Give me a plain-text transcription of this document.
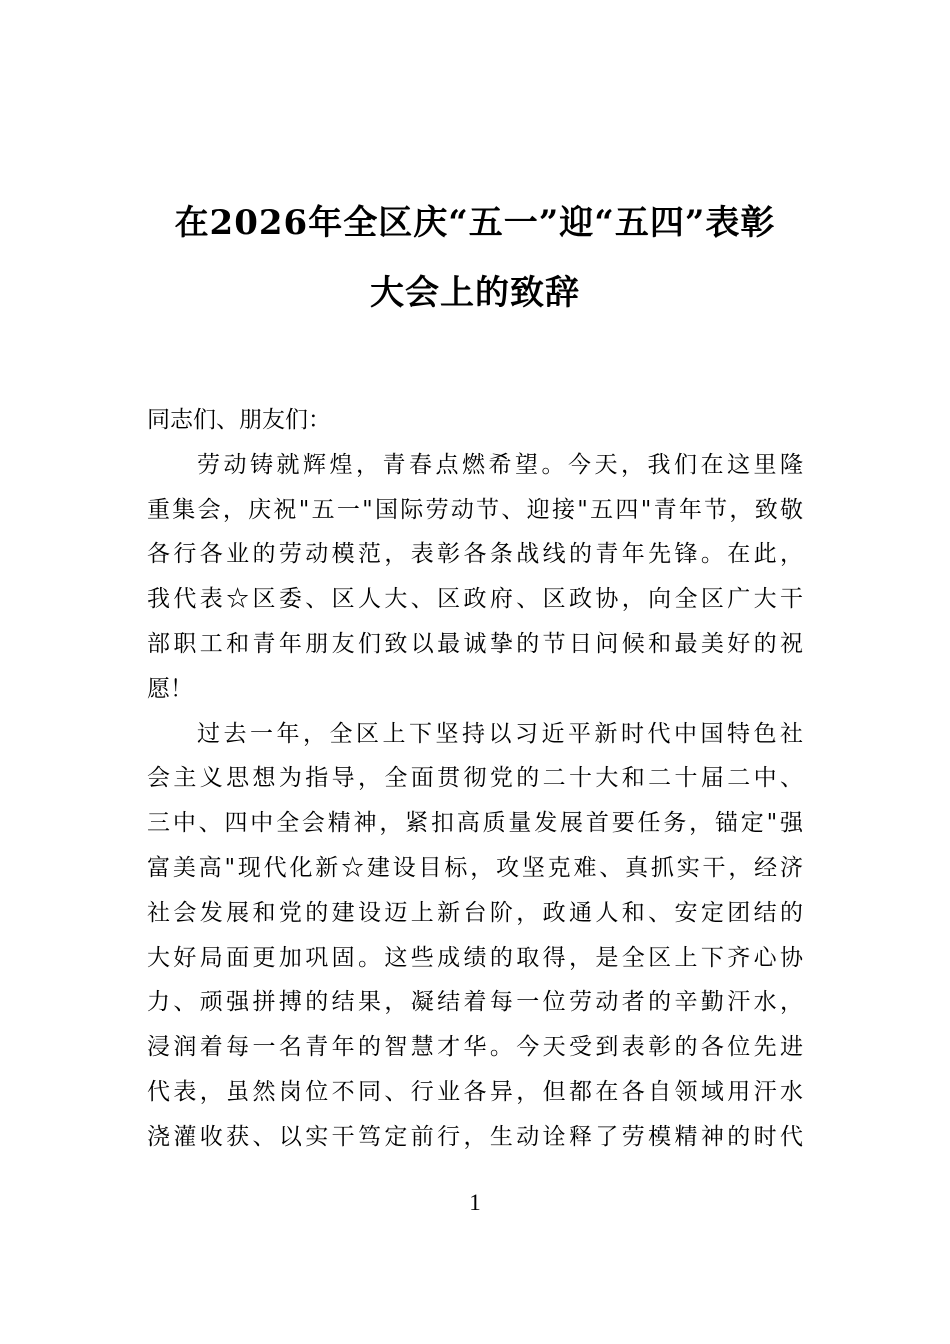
在2026年全区庆“五一”迎“五四”表彰
大会上的致辞
同志们、朋友们：
劳动铸就辉煌，青春点燃希望。今天，我们在这里隆
重集会，庆祝"五一"国际劳动节、迎接"五四"青年节，致敬
各行各业的劳动模范，表彰各条战线的青年先锋。在此，
我代表☆区委、区人大、区政府、区政协，向全区广大干
部职工和青年朋友们致以最诚挚的节日问候和最美好的祝
愿！
过去一年，全区上下坚持以习近平新时代中国特色社
会主义思想为指导，全面贯彻党的二十大和二十届二中、
三中、四中全会精神，紧扣高质量发展首要任务，锚定"强
富美高"现代化新☆建设目标，攻坚克难、真抓实干，经济
社会发展和党的建设迈上新台阶，政通人和、安定团结的
大好局面更加巩固。这些成绩的取得，是全区上下齐心协
力、顽强拼搏的结果，凝结着每一位劳动者的辛勤汗水，
浸润着每一名青年的智慧才华。今天受到表彰的各位先进
代表，虽然岗位不同、行业各异，但都在各自领域用汗水
浇灌收获、以实干笃定前行，生动诠释了劳模精神的时代
1
